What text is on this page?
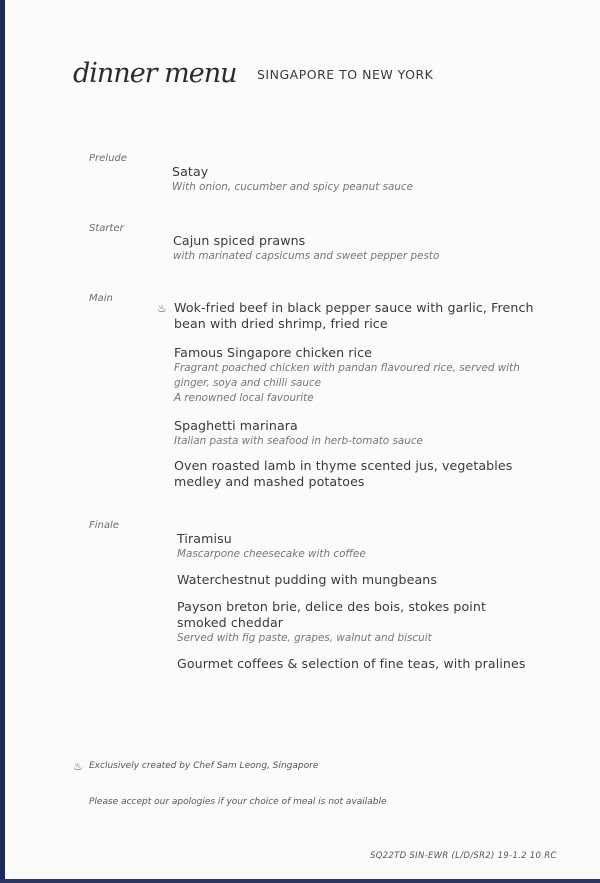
dinner menu SINGAPORE TO NEW YORK
Prelude
Satay
With onion, cucumber and spicy peanut sauce
Starter
Cajun spiced prawns
with marinated capsicums and sweet pepper pesto
Main
♨ Wok-fried beef in black pepper sauce with garlic, French
bean with dried shrimp, fried rice
Famous Singapore chicken rice
Fragrant poached chicken with pandan flavoured rice, served with
ginger, soya and chilli sauce
A renowned local favourite
Spaghetti marinara
Italian pasta with seafood in herb-tomato sauce
Oven roasted lamb in thyme scented jus, vegetables
medley and mashed potatoes
Finale
Tiramisu
Mascarpone cheesecake with coffee
Waterchestnut pudding with mungbeans
Payson breton brie, delice des bois, stokes point
smoked cheddar
Served with fig paste, grapes, walnut and biscuit
Gourmet coffees & selection of fine teas, with pralines
♨ Exclusively created by Chef Sam Leong, Singapore
Please accept our apologies if your choice of meal is not available
SQ22TD SIN-EWR (L/D/SR2) 19-1.2 10 RC
